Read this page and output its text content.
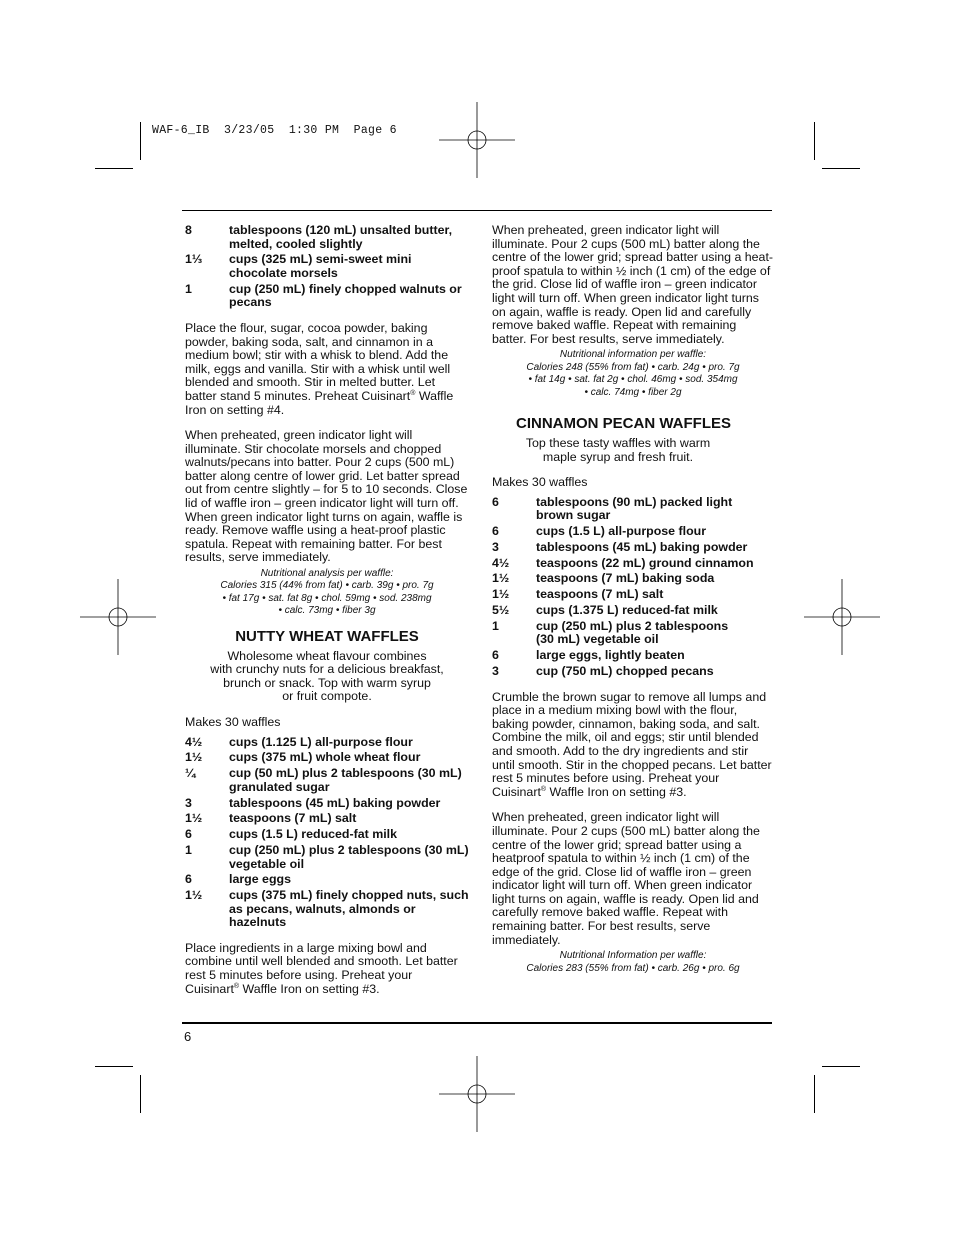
WAF-6_IB  3/23/05  1:30 PM  Page 6
8	tablespoons (120 mL) unsalted butter, melted, cooled slightly
1⅓	cups (325 mL) semi-sweet mini chocolate morsels
1	cup (250 mL) finely chopped walnuts or pecans

Place the flour, sugar, cocoa powder, baking powder, baking soda, salt, and cinnamon in a medium bowl; stir with a whisk to blend. Add the milk, eggs and vanilla. Stir with a whisk until well blended and smooth. Stir in melted butter. Let batter stand 5 minutes. Preheat Cuisinart® Waffle Iron on setting #4.

When preheated, green indicator light will illuminate. Stir chocolate morsels and chopped walnuts/pecans into batter. Pour 2 cups (500 mL) batter along centre of lower grid. Let batter spread out from centre slightly – for 5 to 10 seconds. Close lid of waffle iron – green indicator light will turn off. When green indicator light turns on again, waffle is ready. Remove waffle using a heat-proof plastic spatula. Repeat with remaining batter. For best results, serve immediately.

Nutritional analysis per waffle:
Calories 315 (44% from fat) • carb. 39g • pro. 7g
• fat 17g • sat. fat 8g • chol. 59mg • sod. 238mg
• calc. 73mg • fiber 3g
NUTTY WHEAT WAFFLES
Wholesome wheat flavour combines
with crunchy nuts for a delicious breakfast,
brunch or snack. Top with warm syrup
or fruit compote.
Makes 30 waffles
4½	cups (1.125 L) all-purpose flour
1½	cups (375 mL) whole wheat flour
¼	cup (50 mL) plus 2 tablespoons (30 mL) granulated sugar
3	tablespoons (45 mL) baking powder
1½	teaspoons (7 mL) salt
6	cups (1.5 L) reduced-fat milk
1	cup (250 mL) plus 2 tablespoons (30 mL) vegetable oil
6	large eggs
1½	cups (375 mL) finely chopped nuts, such as pecans, walnuts, almonds or hazelnuts

Place ingredients in a large mixing bowl and combine until well blended and smooth. Let batter rest 5 minutes before using. Preheat your Cuisinart® Waffle Iron on setting #3.

When preheated, green indicator light will illuminate. Pour 2 cups (500 mL) batter along the centre of the lower grid; spread batter using a heat-proof spatula to within ½ inch (1 cm) of the edge of the grid. Close lid of waffle iron – green indicator light will turn off. When green indicator light turns on again, waffle is ready. Open lid and carefully remove baked waffle. Repeat with remaining batter. For best results, serve immediately.

Nutritional information per waffle:
Calories 248 (55% from fat) • carb. 24g • pro. 7g
• fat 14g • sat. fat 2g • chol. 46mg • sod. 354mg
• calc. 74mg • fiber 2g
CINNAMON PECAN WAFFLES
Top these tasty waffles with warm
maple syrup and fresh fruit.
Makes 30 waffles
6	tablespoons (90 mL) packed light brown sugar
6	cups (1.5 L) all-purpose flour
3	tablespoons (45 mL) baking powder
4½	teaspoons (22 mL) ground cinnamon
1½	teaspoons (7 mL) baking soda
1½	teaspoons (7 mL) salt
5½	cups (1.375 L) reduced-fat milk
1	cup (250 mL) plus 2 tablespoons (30 mL) vegetable oil
6	large eggs, lightly beaten
3	cup (750 mL) chopped pecans

Crumble the brown sugar to remove all lumps and place in a medium mixing bowl with the flour, baking powder, cinnamon, baking soda, and salt. Combine the milk, oil and eggs; stir until blended and smooth. Add to the dry ingredients and stir until smooth. Stir in the chopped pecans. Let batter rest 5 minutes before using. Preheat your Cuisinart® Waffle Iron on setting #3.

When preheated, green indicator light will illuminate. Pour 2 cups (500 mL) batter along the centre of the lower grid; spread batter using a heatproof spatula to within ½ inch (1 cm) of the edge of the grid. Close lid of waffle iron – green indicator light will turn off. When green indicator light turns on again, waffle is ready. Open lid and carefully remove baked waffle. Repeat with remaining batter. For best results, serve immediately.

Nutritional Information per waffle:
Calories 283 (55% from fat) • carb. 26g • pro. 6g
6
